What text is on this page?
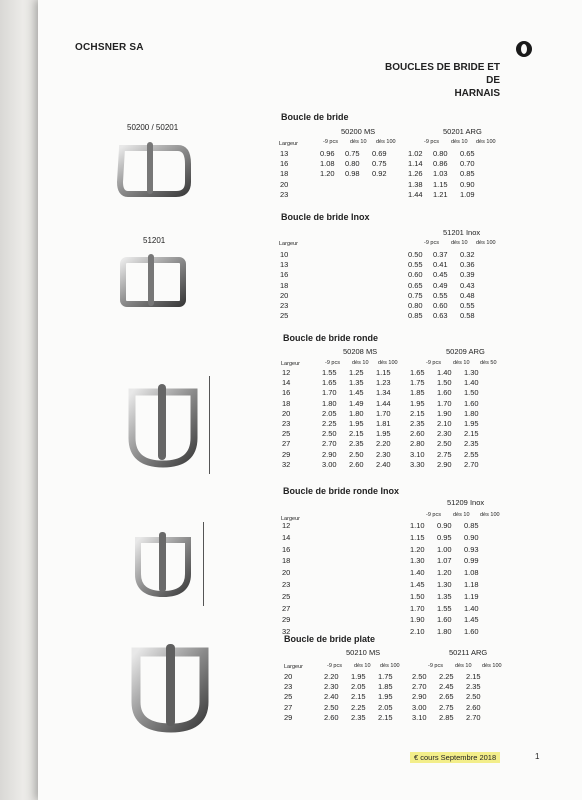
OCHSNER SA
BOUCLES DE BRIDE ET DE
HARNAIS
50200 / 50201
51201
Boucle de bride
50200 MS	50201 ARG
Largeur	-9 pcs dès 10 dès 100	-9 pcs dès 10 dès 100
13	0.96	0.75	0.69	1.02	0.80	0.65
16	1.08	0.80	0.75	1.14	0.86	0.70
18	1.20	0.98	0.92	1.26	1.03	0.85
20				1.38	1.15	0.90
23				1.44	1.21	1.09
Boucle de bride Inox
51201 Inox
Largeur	-9 pcs dès 10 dès 100
10				0.50	0.37	0.32
13				0.55	0.41	0.36
16				0.60	0.45	0.39
18				0.65	0.49	0.43
20				0.75	0.55	0.48
23				0.80	0.60	0.55
25				0.85	0.63	0.58
Boucle de bride ronde
50208 MS	50209 ARG
Largeur	-9 pcs dès 10 dès 100	-9 pcs dès 10 dès 50
12	1.55	1.25	1.15	1.65	1.40	1.30
14	1.65	1.35	1.23	1.75	1.50	1.40
16	1.70	1.45	1.34	1.85	1.60	1.50
18	1.80	1.49	1.44	1.95	1.70	1.60
20	2.05	1.80	1.70	2.15	1.90	1.80
23	2.25	1.95	1.81	2.35	2.10	1.95
25	2.50	2.15	1.95	2.60	2.30	2.15
27	2.70	2.35	2.20	2.80	2.50	2.35
29	2.90	2.50	2.30	3.10	2.75	2.55
32	3.00	2.60	2.40	3.30	2.90	2.70
Boucle de bride ronde Inox
51209 Inox
Largeur
-9 pcs dès 10 dès 100
12				1.10	0.90	0.85
14				1.15	0.95	0.90
16				1.20	1.00	0.93
18				1.30	1.07	0.99
20				1.40	1.20	1.08
23				1.45	1.30	1.18
25				1.50	1.35	1.19
27				1.70	1.55	1.40
29				1.90	1.60	1.45
32				2.10	1.80	1.60
Boucle de bride plate
50210 MS	50211 ARG
Largeur	-9 pcs dès 10 dès 100	-9 pcs dès 10 dès 100
20	2.20	1.95	1.75	2.50	2.25	2.15
23	2.30	2.05	1.85	2.70	2.45	2.35
25	2.40	2.15	1.95	2.90	2.65	2.50
27	2.50	2.25	2.05	3.00	2.75	2.60
29	2.60	2.35	2.15	3.10	2.85	2.70
€ cours Septembre 2018	1
